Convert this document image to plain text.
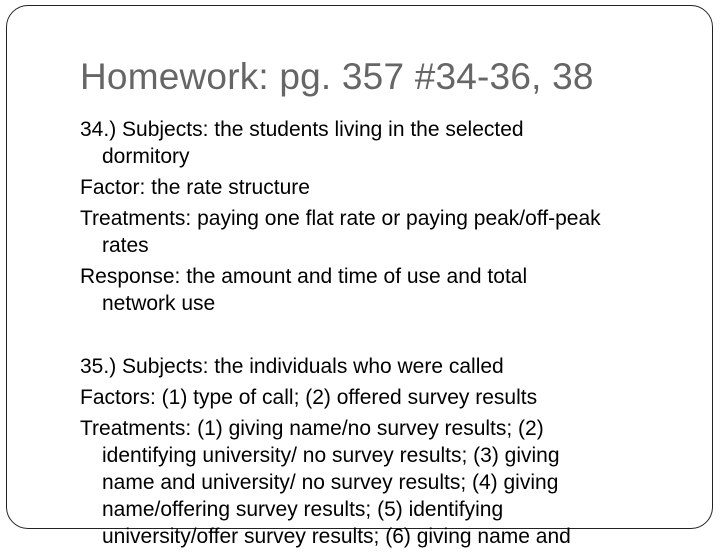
Homework: pg. 357 #34-36, 38
34.) Subjects: the students living in the selected
dormitory
Factor: the rate structure
Treatments: paying one flat rate or paying peak/off-peak
rates
Response: the amount and time of use and total
network use
35.) Subjects: the individuals who were called
Factors: (1) type of call; (2) offered survey results
Treatments: (1) giving name/no survey results; (2)
identifying university/ no survey results; (3) giving
name and university/ no survey results; (4) giving
name/offering survey results; (5) identifying
university/offer survey results; (6) giving name and
